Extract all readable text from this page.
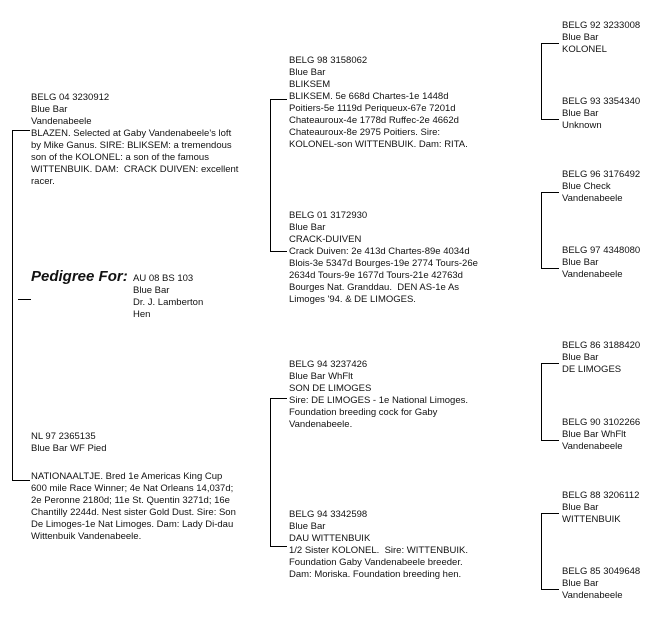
Pedigree For: AU 08 BS 103
Blue Bar
Dr. J. Lamberton
Hen
BELG 04 3230912
Blue Bar
Vandenabeele
BLAZEN. Selected at Gaby Vandenabeele's loft
by Mike Ganus. SIRE: BLIKSEM: a tremendous
son of the KOLONEL: a son of the famous
WITTENBUIK. DAM:  CRACK DUIVEN: excellent
racer.
NL 97 2365135
Blue Bar WF Pied
NATIONAALTJE. Bred 1e Americas King Cup
600 mile Race Winner; 4e Nat Orleans 14,037d;
2e Peronne 2180d; 11e St. Quentin 3271d; 16e
Chantilly 2244d. Nest sister Gold Dust. Sire: Son
De Limoges-1e Nat Limoges. Dam: Lady Di-dau
Wittenbuik Vandenabeele.
BELG 98 3158062
Blue Bar
BLIKSEM
BLIKSEM. 5e 668d Chartes-1e 1448d
Poitiers-5e 1119d Periqueux-67e 7201d
Chateauroux-4e 1778d Ruffec-2e 4662d
Chateauroux-8e 2975 Poitiers. Sire:
KOLONEL-son WITTENBUIK. Dam: RITA.
BELG 01 3172930
Blue Bar
CRACK-DUIVEN
Crack Duiven: 2e 413d Chartes-89e 4034d
Blois-3e 5347d Bourges-19e 2774 Tours-26e
2634d Tours-9e 1677d Tours-21e 42763d
Bourges Nat. Granddau.  DEN AS-1e As
Limoges '94. & DE LIMOGES.
BELG 94 3237426
Blue Bar WhFlt
SON DE LIMOGES
Sire: DE LIMOGES - 1e National Limoges.
Foundation breeding cock for Gaby
Vandenabeele.
BELG 94 3342598
Blue Bar
DAU WITTENBUIK
1/2 Sister KOLONEL.  Sire: WITTENBUIK.
Foundation Gaby Vandenabeele breeder.
Dam: Moriska. Foundation breeding hen.
BELG 92 3233008
Blue Bar
KOLONEL
BELG 93 3354340
Blue Bar
Unknown
BELG 96 3176492
Blue Check
Vandenabeele
BELG 97 4348080
Blue Bar
Vandenabeele
BELG 86 3188420
Blue Bar
DE LIMOGES
BELG 90 3102266
Blue Bar WhFlt
Vandenabeele
BELG 88 3206112
Blue Bar
WITTENBUIK
BELG 85 3049648
Blue Bar
Vandenabeele
